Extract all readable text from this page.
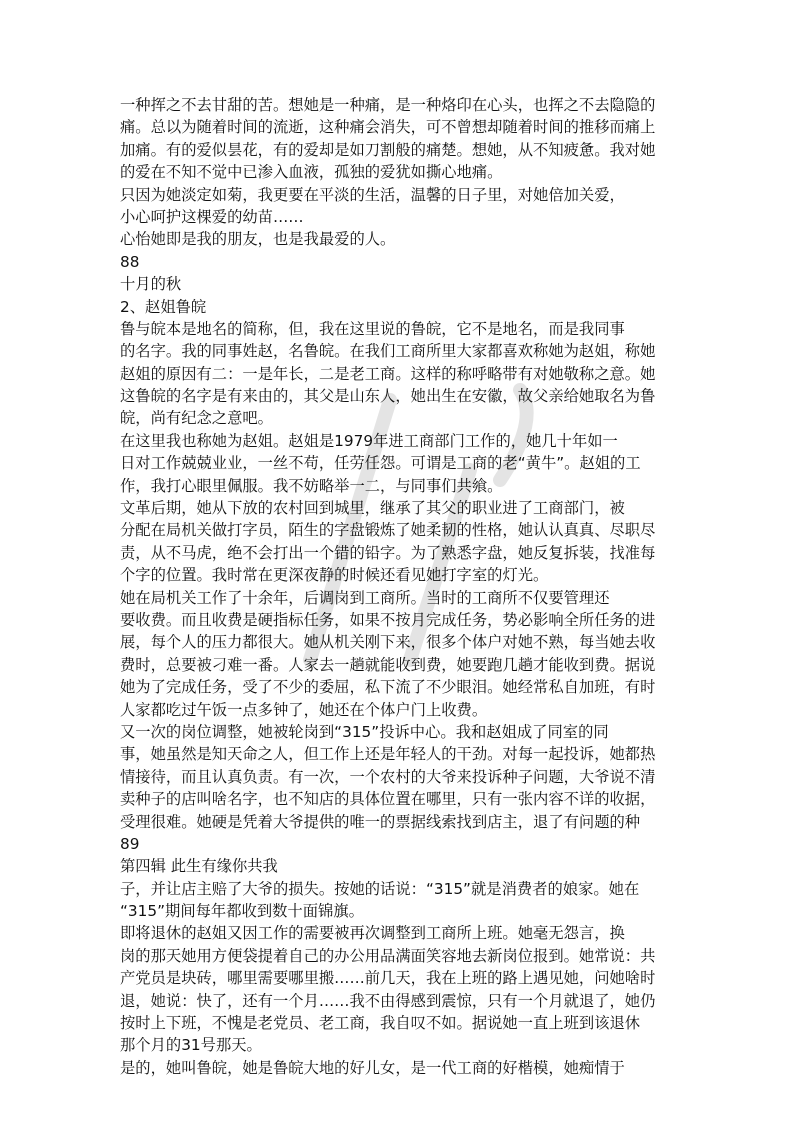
一种挥之不去甘甜的苦。想她是一种痛，是一种烙印在心头，也挥之不去隐隐的
痛。总以为随着时间的流逝，这种痛会消失，可不曾想却随着时间的推移而痛上
加痛。有的爱似昙花，有的爱却是如刀割般的痛楚。想她，从不知疲惫。我对她
的爱在不知不觉中已渗入血液，孤独的爱犹如撕心地痛。
只因为她淡定如菊，我更要在平淡的生活，温馨的日子里，对她倍加关爱，
小心呵护这棵爱的幼苗……
心怡她即是我的朋友，也是我最爱的人。
88
十月的秋
2、赵姐鲁皖
鲁与皖本是地名的简称，但，我在这里说的鲁皖，它不是地名，而是我同事
的名字。我的同事姓赵，名鲁皖。在我们工商所里大家都喜欢称她为赵姐，称她
赵姐的原因有二：一是年长，二是老工商。这样的称呼略带有对她敬称之意。她
这鲁皖的名字是有来由的，其父是山东人，她出生在安徽，故父亲给她取名为鲁
皖，尚有纪念之意吧。
在这里我也称她为赵姐。赵姐是1979年进工商部门工作的，她几十年如一
日对工作兢兢业业，一丝不苟，任劳任怨。可谓是工商的老“黄牛”。赵姐的工
作，我打心眼里佩服。我不妨略举一二，与同事们共飨。
文革后期，她从下放的农村回到城里，继承了其父的职业进了工商部门，被
分配在局机关做打字员，陌生的字盘锻炼了她柔韧的性格，她认认真真、尽职尽
责，从不马虎，绝不会打出一个错的铅字。为了熟悉字盘，她反复拆装，找准每
个字的位置。我时常在更深夜静的时候还看见她打字室的灯光。
她在局机关工作了十余年，后调岗到工商所。当时的工商所不仅要管理还
要收费。而且收费是硬指标任务，如果不按月完成任务，势必影响全所任务的进
展，每个人的压力都很大。她从机关刚下来，很多个体户对她不熟，每当她去收
费时，总要被刁难一番。人家去一趟就能收到费，她要跑几趟才能收到费。据说
她为了完成任务，受了不少的委屈，私下流了不少眼泪。她经常私自加班，有时
人家都吃过午饭一点多钟了，她还在个体户门上收费。
又一次的岗位调整，她被轮岗到“315”投诉中心。我和赵姐成了同室的同
事，她虽然是知天命之人，但工作上还是年轻人的干劲。对每一起投诉，她都热
情接待，而且认真负责。有一次，一个农村的大爷来投诉种子问题，大爷说不清
卖种子的店叫啥名字，也不知店的具体位置在哪里，只有一张内容不详的收据，
受理很难。她硬是凭着大爷提供的唯一的票据线索找到店主，退了有问题的种
89
第四辑 此生有缘你共我
子，并让店主赔了大爷的损失。按她的话说：“315”就是消费者的娘家。她在
“315”期间每年都收到数十面锦旗。
即将退休的赵姐又因工作的需要被再次调整到工商所上班。她毫无怨言，换
岗的那天她用方便袋提着自己的办公用品满面笑容地去新岗位报到。她常说：共
产党员是块砖，哪里需要哪里搬……前几天，我在上班的路上遇见她，问她啥时
退，她说：快了，还有一个月……我不由得感到震惊，只有一个月就退了，她仍
按时上下班，不愧是老党员、老工商，我自叹不如。据说她一直上班到该退休
那个月的31号那天。
是的，她叫鲁皖，她是鲁皖大地的好儿女，是一代工商的好楷模，她痴情于
